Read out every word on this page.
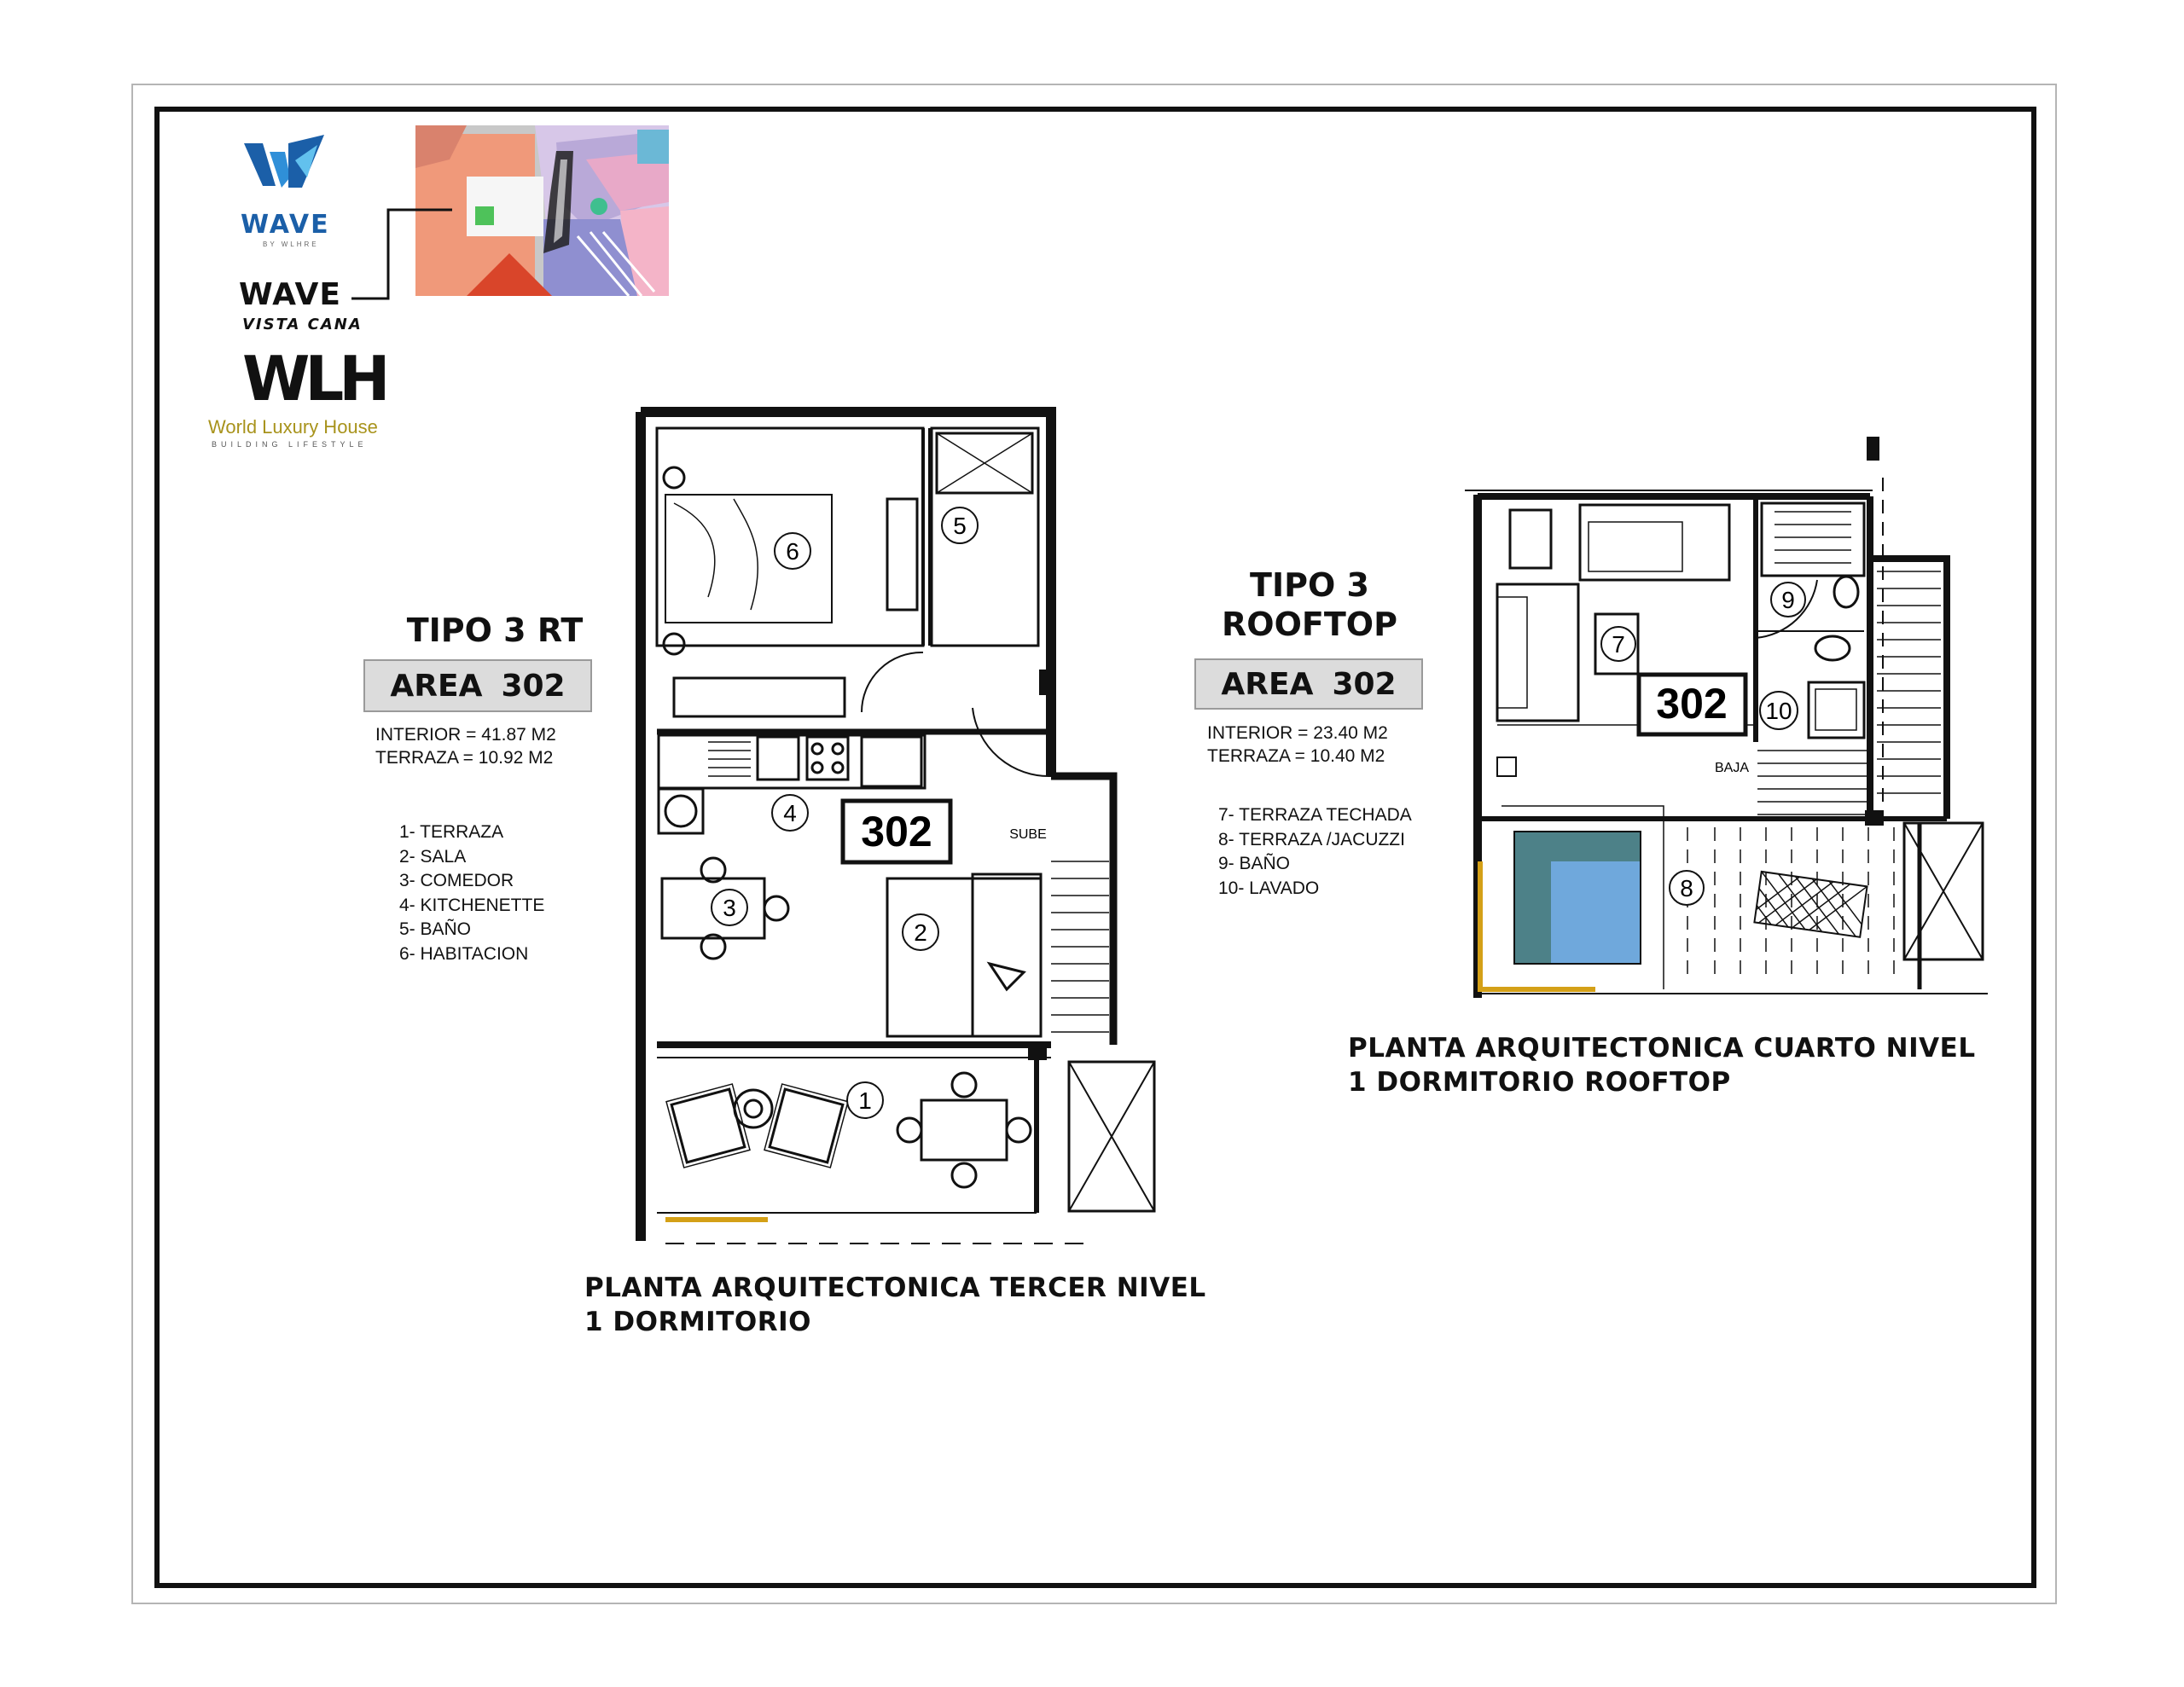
WAVE
BY WLHRE
WAVE
VISTA CANA
WLH
World Luxury House
BUILDING LIFESTYLE
TIPO 3 RT
AREA 302
INTERIOR = 41.87 M2
TERRAZA = 10.92 M2
1- TERRAZA
2- SALA
3- COMEDOR
4- KITCHENETTE
5- BAÑO
6- HABITACION
302	SUBE
1
2
3
4
5
6
PLANTA ARQUITECTONICA TERCER NIVEL
1 DORMITORIO
TIPO 3
ROOFTOP
AREA 302
INTERIOR = 23.40 M2
TERRAZA = 10.40 M2
7- TERRAZA TECHADA
8- TERRAZA /JACUZZI
9- BAÑO
10- LAVADO
302
BAJA
7
8
9
10
PLANTA ARQUITECTONICA CUARTO NIVEL
1 DORMITORIO ROOFTOP
